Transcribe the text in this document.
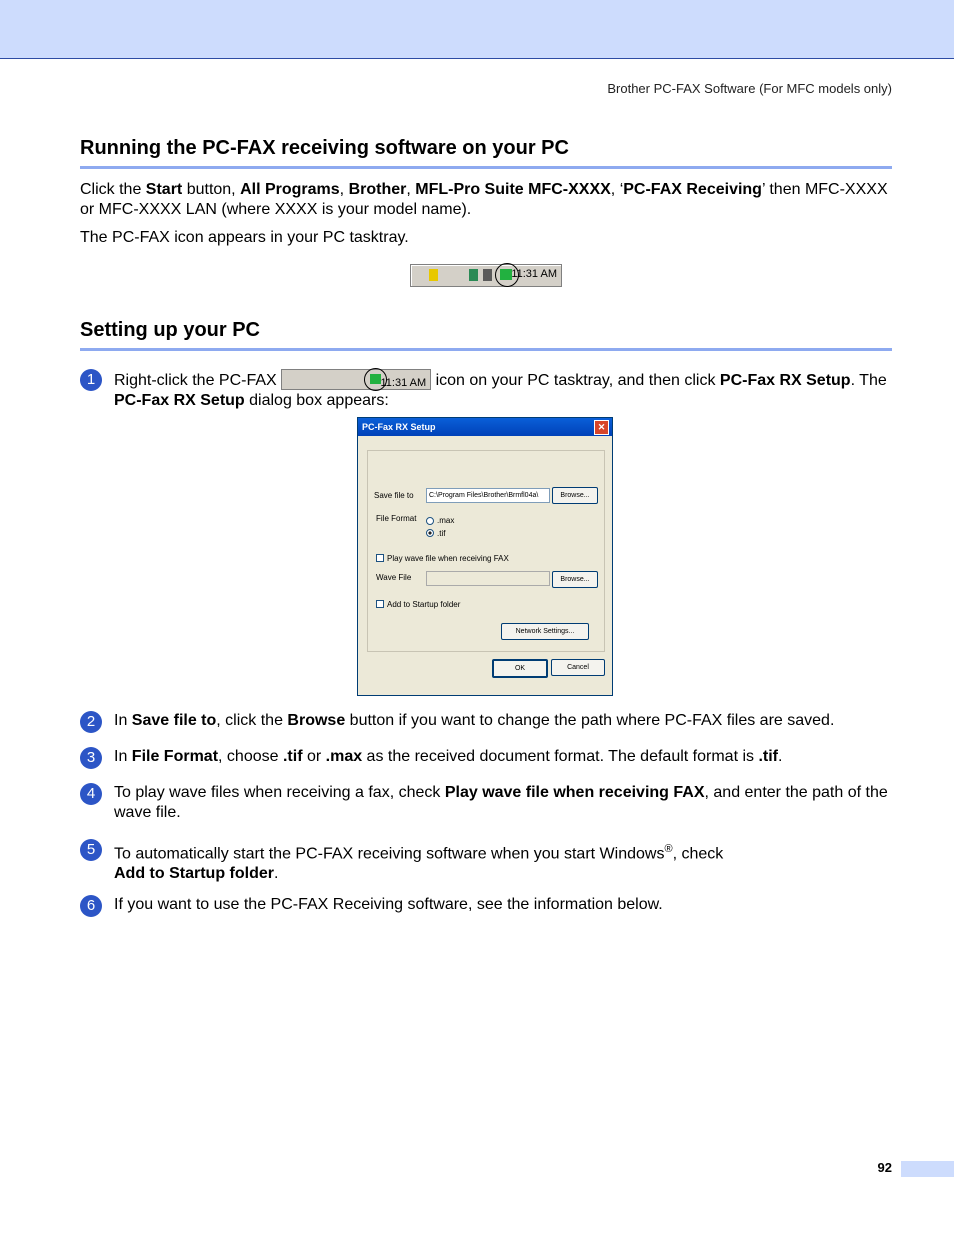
Brother PC-FAX Software (For MFC models only)
Running the PC-FAX receiving software on your PC

Click the Start button, All Programs, Brother, MFL-Pro Suite MFC-XXXX, ‘PC-FAX Receiving’ then MFC-XXXX or MFC-XXXX LAN (where XXXX is your model name).

The PC-FAX icon appears in your PC tasktray.

11:31 AM
Setting up your PC
1	Right-click the PC-FAX	11:31 AM icon on your PC tasktray, and then click PC-Fax RX Setup. The PC-Fax RX Setup dialog box appears:
2	In Save file to, click the Browse button if you want to change the path where PC-FAX files are saved.
3	In File Format, choose .tif or .max as the received document format. The default format is .tif.
4	To play wave files when receiving a fax, check Play wave file when receiving FAX, and enter the path of the wave file.
5	To automatically start the PC-FAX receiving software when you start Windows®, check
Add to Startup folder.
6	If you want to use the PC-FAX Receiving software, see the information below.
PC-Fax RX Setup	✕
Save file to	C:\Program Files\Brother\Brmfl04a\	Browse...
File Format	.max
.tif
Play wave file when receiving FAX
Wave File	Browse...
Add to Startup folder
Network Settings...
OK	Cancel
92
